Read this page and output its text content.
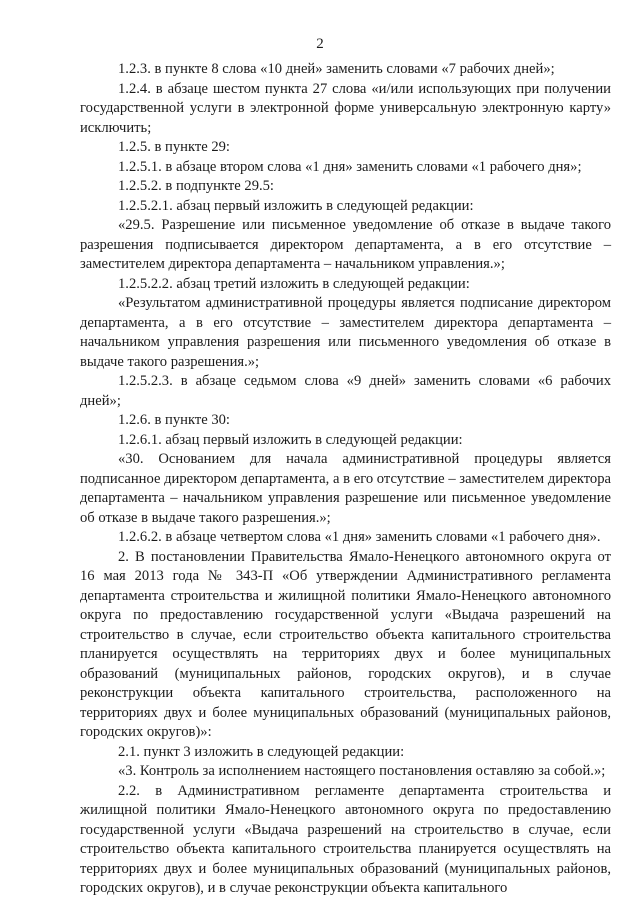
2

1.2.3. в пункте 8 слова «10 дней» заменить словами «7 рабочих дней»;

1.2.4. в абзаце шестом пункта 27 слова «и/или использующих при получении государственной услуги в электронной форме универсальную электронную карту» исключить;

1.2.5. в пункте 29:

1.2.5.1. в абзаце втором слова «1 дня» заменить словами «1 рабочего дня»;

1.2.5.2. в подпункте 29.5:

1.2.5.2.1. абзац первый изложить в следующей редакции:

«29.5. Разрешение или письменное уведомление об отказе в выдаче такого разрешения подписывается директором департамента, а в его отсутствие – заместителем директора департамента – начальником управления.»;

1.2.5.2.2. абзац третий изложить в следующей редакции:

«Результатом административной процедуры является подписание директором департамента, а в его отсутствие – заместителем директора департамента – начальником управления разрешения или письменного уведомления об отказе в выдаче такого разрешения.»;

1.2.5.2.3. в абзаце седьмом слова «9 дней» заменить словами «6 рабочих дней»;

1.2.6. в пункте 30:

1.2.6.1. абзац первый изложить в следующей редакции:

«30. Основанием для начала административной процедуры является подписанное директором департамента, а в его отсутствие – заместителем директора департамента – начальником управления разрешение или письменное уведомление об отказе в выдаче такого разрешения.»;

1.2.6.2. в абзаце четвертом слова «1 дня» заменить словами «1 рабочего дня».

2. В постановлении Правительства Ямало-Ненецкого автономного округа от 16 мая 2013 года № 343-П «Об утверждении Административного регламента департамента строительства и жилищной политики Ямало-Ненецкого автономного округа по предоставлению государственной услуги «Выдача разрешений на строительство в случае, если строительство объекта капитального строительства планируется осуществлять на территориях двух и более муниципальных образований (муниципальных районов, городских округов), и в случае реконструкции объекта капитального строительства, расположенного на территориях двух и более муниципальных образований (муниципальных районов, городских округов)»:

2.1. пункт 3 изложить в следующей редакции:

«3. Контроль за исполнением настоящего постановления оставляю за собой.»;

2.2. в Административном регламенте департамента строительства и жилищной политики Ямало-Ненецкого автономного округа по предоставлению государственной услуги «Выдача разрешений на строительство в случае, если строительство объекта капитального строительства планируется осуществлять на территориях двух и более муниципальных образований (муниципальных районов, городских округов), и в случае реконструкции объекта капитального
